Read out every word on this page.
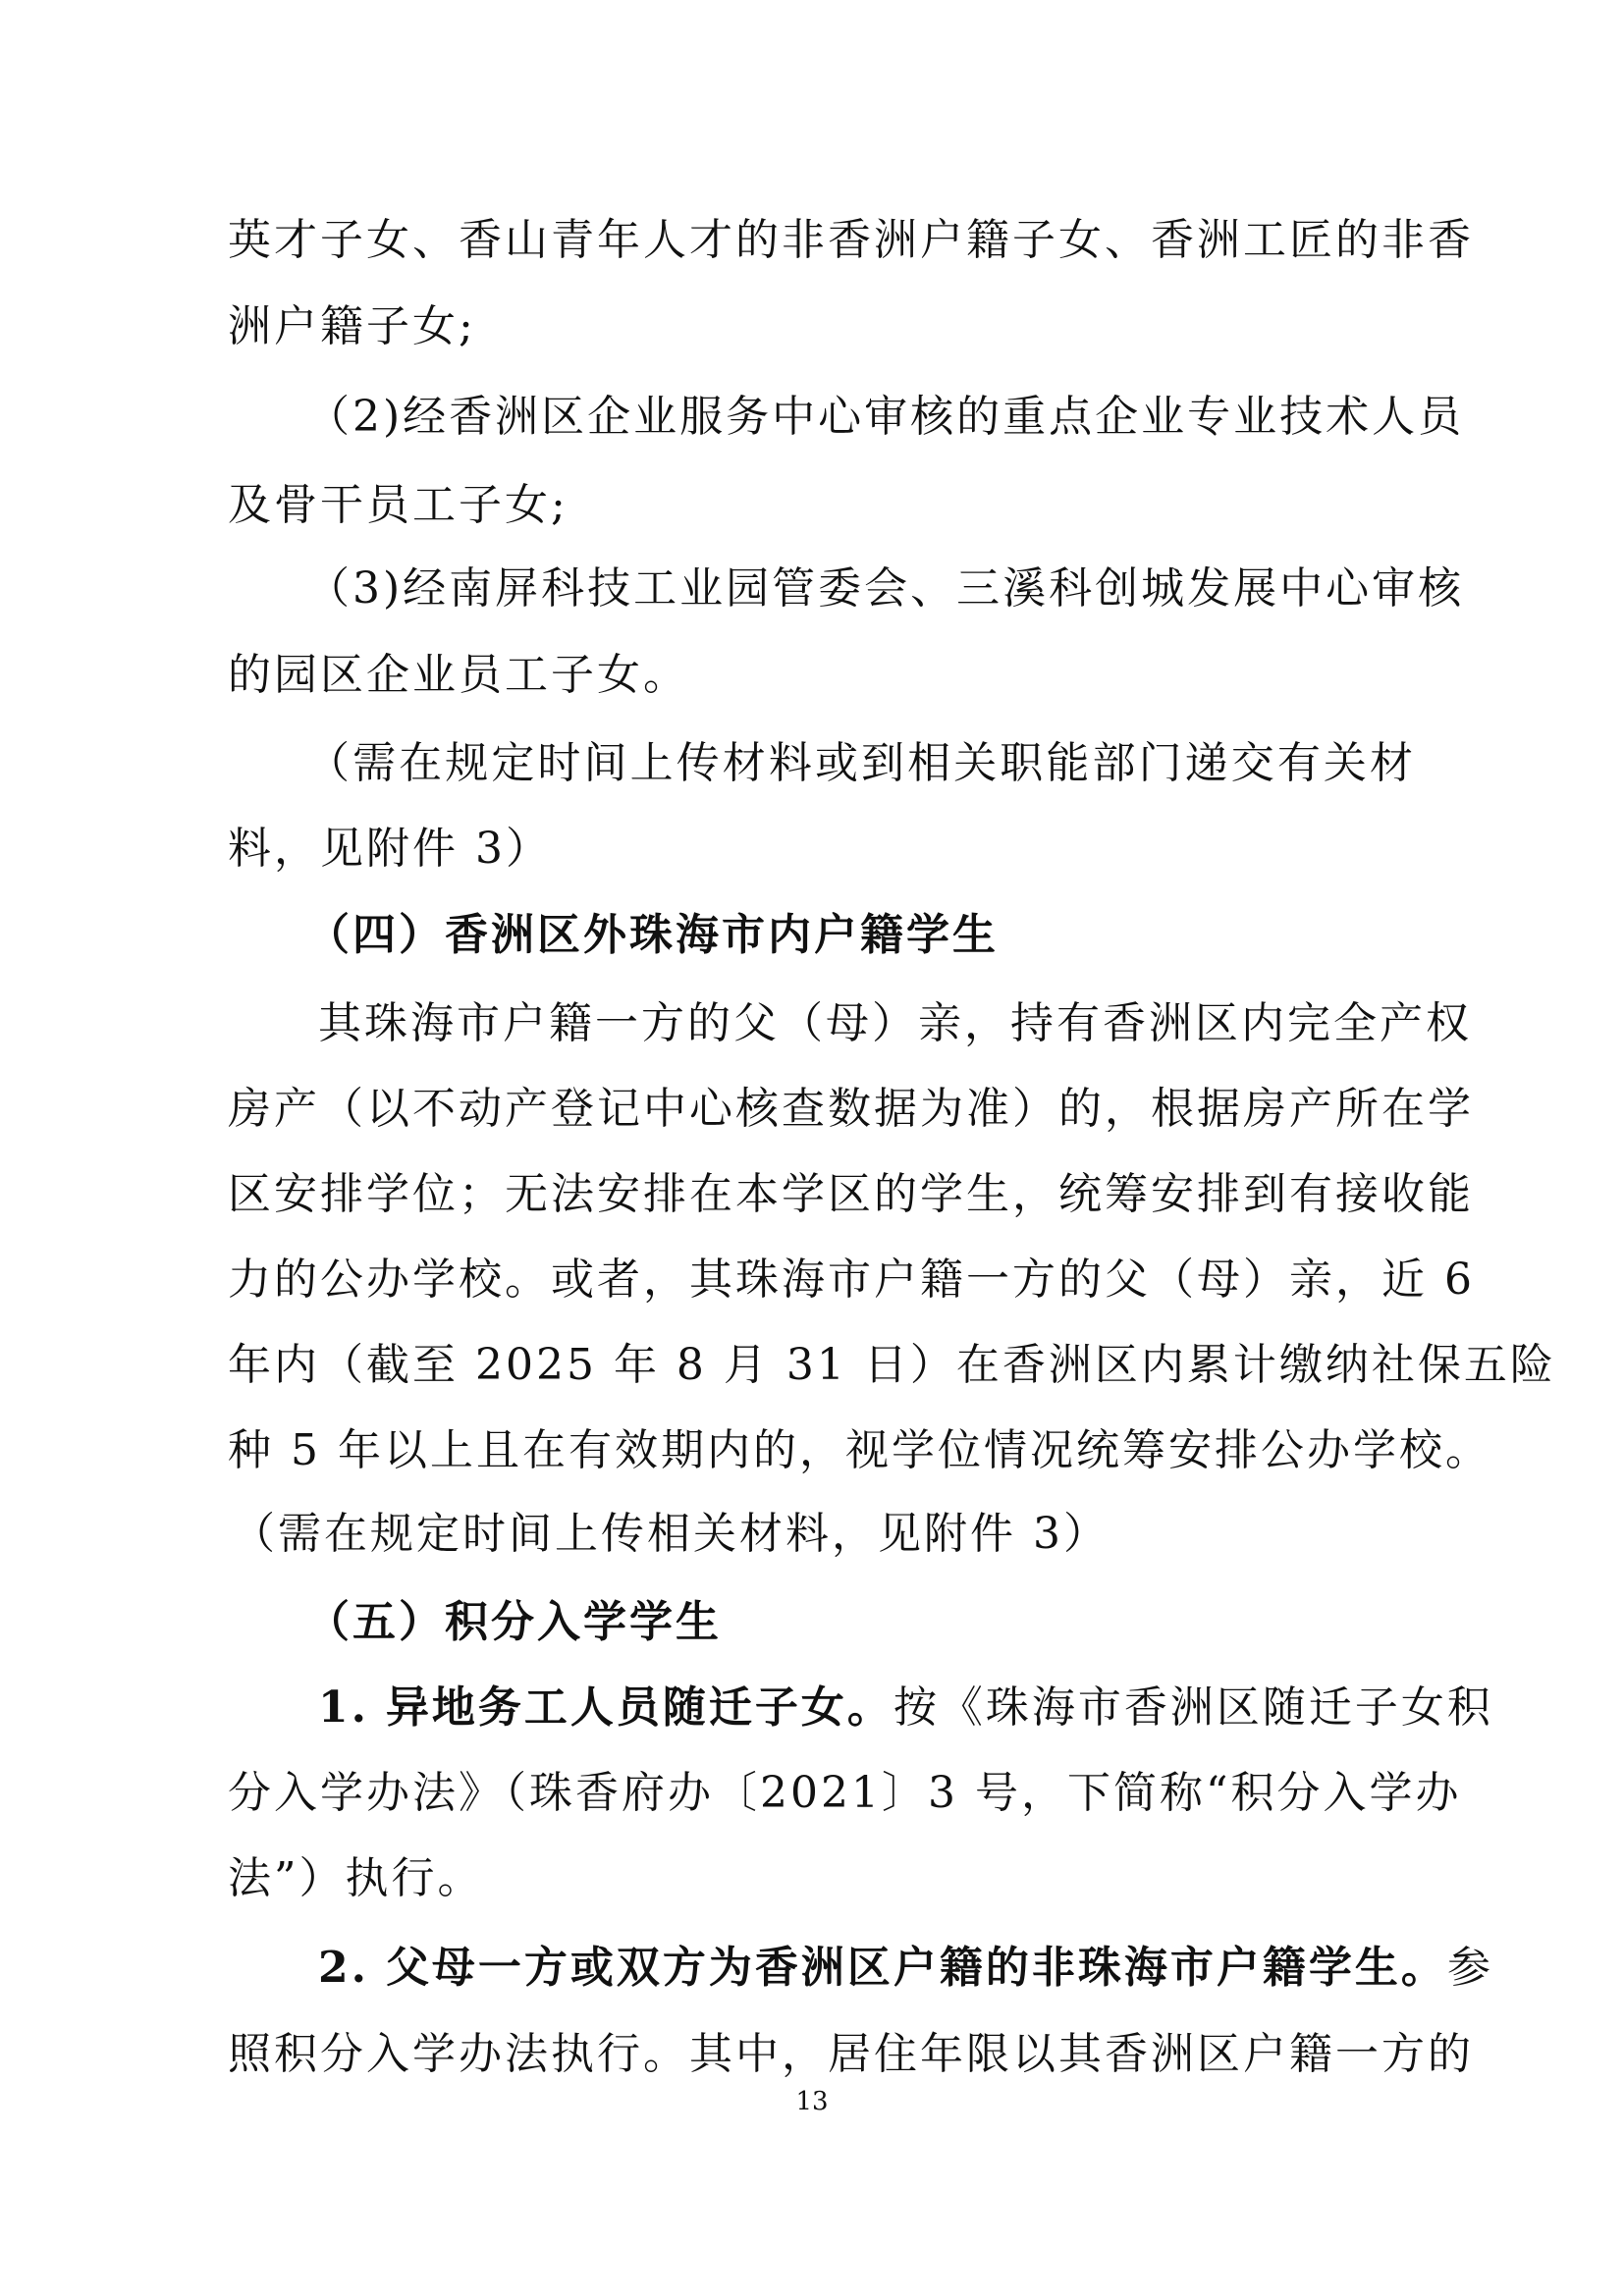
英才子女、香山青年人才的非香洲户籍子女、香洲工匠的非香
洲户籍子女;
（2)经香洲区企业服务中心审核的重点企业专业技术人员
及骨干员工子女;
（3)经南屏科技工业园管委会、三溪科创城发展中心审核
的园区企业员工子女。
（需在规定时间上传材料或到相关职能部门递交有关材
料，见附件 3）
（四）香洲区外珠海市内户籍学生
其珠海市户籍一方的父（母）亲，持有香洲区内完全产权
房产（以不动产登记中心核查数据为准）的，根据房产所在学
区安排学位；无法安排在本学区的学生，统筹安排到有接收能
力的公办学校。或者，其珠海市户籍一方的父（母）亲，近 6
年内（截至 2025 年 8 月 31 日）在香洲区内累计缴纳社保五险
种 5 年以上且在有效期内的，视学位情况统筹安排公办学校。
（需在规定时间上传相关材料，见附件 3）
（五）积分入学学生
1. 异地务工人员随迁子女。按《珠海市香洲区随迁子女积
分入学办法》（珠香府办〔2021〕3 号，下简称“积分入学办
法”）执行。
2. 父母一方或双方为香洲区户籍的非珠海市户籍学生。参
照积分入学办法执行。其中，居住年限以其香洲区户籍一方的
13
